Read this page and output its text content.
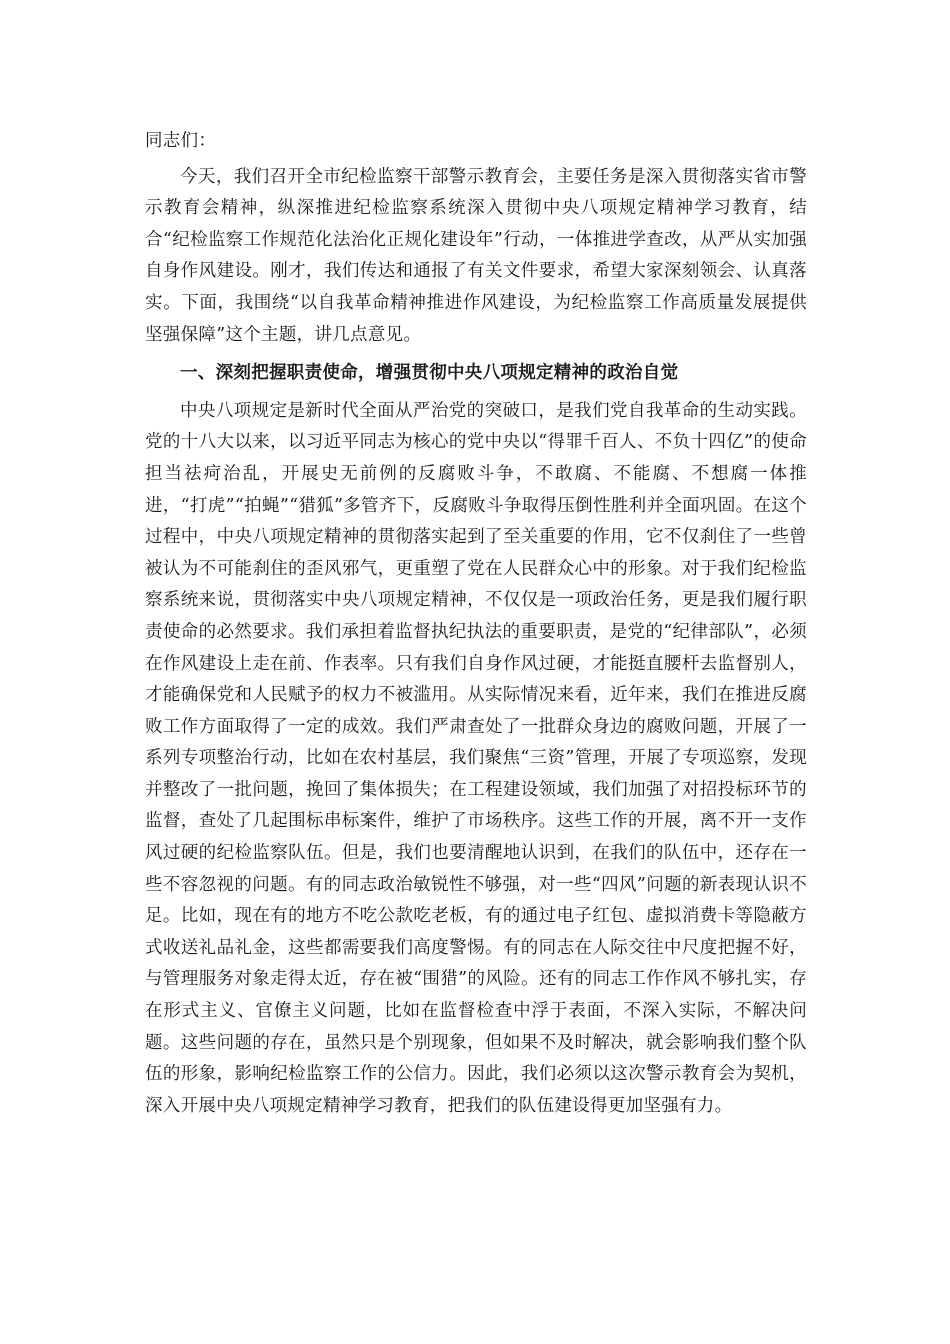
同志们：

今天，我们召开全市纪检监察干部警示教育会，主要任务是深入贯彻落实省市警示教育会精神，纵深推进纪检监察系统深入贯彻中央八项规定精神学习教育，结合“纪检监察工作规范化法治化正规化建设年”行动，一体推进学查改，从严从实加强自身作风建设。刚才，我们传达和通报了有关文件要求，希望大家深刻领会、认真落实。下面，我围绕“以自我革命精神推进作风建设，为纪检监察工作高质量发展提供坚强保障”这个主题，讲几点意见。

一、深刻把握职责使命，增强贯彻中央八项规定精神的政治自觉

中央八项规定是新时代全面从严治党的突破口，是我们党自我革命的生动实践。党的十八大以来，以习近平同志为核心的党中央以“得罪千百人、不负十四亿”的使命担当祛疴治乱，开展史无前例的反腐败斗争，不敢腐、不能腐、不想腐一体推进，“打虎”“拍蝇”“猎狐”多管齐下，反腐败斗争取得压倒性胜利并全面巩固。在这个过程中，中央八项规定精神的贯彻落实起到了至关重要的作用，它不仅刹住了一些曾被认为不可能刹住的歪风邪气，更重塑了党在人民群众心中的形象。对于我们纪检监察系统来说，贯彻落实中央八项规定精神，不仅仅是一项政治任务，更是我们履行职责使命的必然要求。我们承担着监督执纪执法的重要职责，是党的“纪律部队”，必须在作风建设上走在前、作表率。只有我们自身作风过硬，才能挺直腰杆去监督别人，才能确保党和人民赋予的权力不被滥用。从实际情况来看，近年来，我们在推进反腐败工作方面取得了一定的成效。我们严肃查处了一批群众身边的腐败问题，开展了一系列专项整治行动，比如在农村基层，我们聚焦“三资”管理，开展了专项巡察，发现并整改了一批问题，挽回了集体损失；在工程建设领域，我们加强了对招投标环节的监督，查处了几起围标串标案件，维护了市场秩序。这些工作的开展，离不开一支作风过硬的纪检监察队伍。但是，我们也要清醒地认识到，在我们的队伍中，还存在一些不容忽视的问题。有的同志政治敏锐性不够强，对一些“四风”问题的新表现认识不足。比如，现在有的地方不吃公款吃老板，有的通过电子红包、虚拟消费卡等隐蔽方式收送礼品礼金，这些都需要我们高度警惕。有的同志在人际交往中尺度把握不好，与管理服务对象走得太近，存在被“围猎”的风险。还有的同志工作作风不够扎实，存在形式主义、官僚主义问题，比如在监督检查中浮于表面，不深入实际，不解决问题。这些问题的存在，虽然只是个别现象，但如果不及时解决，就会影响我们整个队伍的形象，影响纪检监察工作的公信力。因此，我们必须以这次警示教育会为契机，深入开展中央八项规定精神学习教育，把我们的队伍建设得更加坚强有力。
